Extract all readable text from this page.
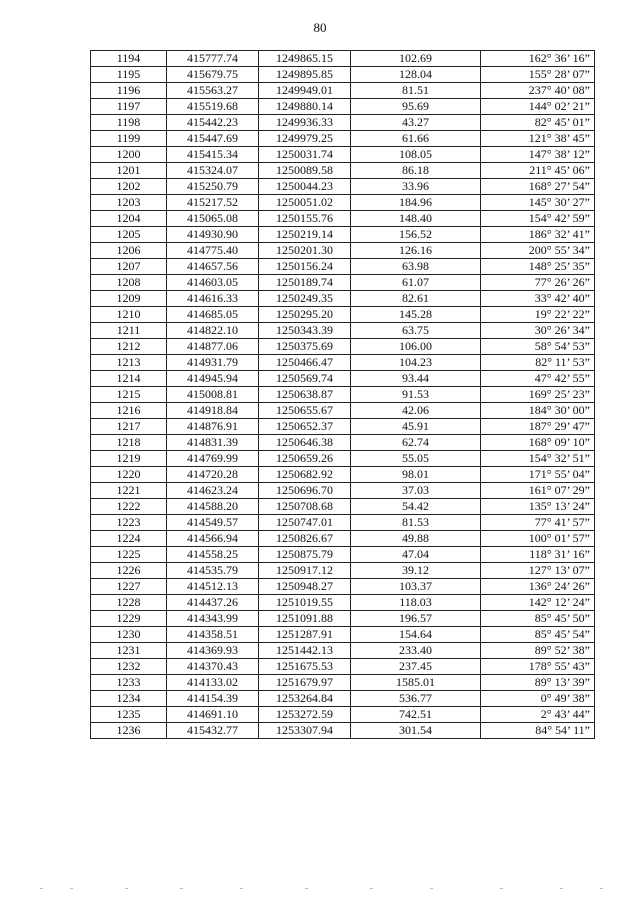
80
1194	415777.74	1249865.15	102.69	162° 36’ 16”
1195	415679.75	1249895.85	128.04	155° 28’ 07”
1196	415563.27	1249949.01	81.51	237° 40’ 08”
1197	415519.68	1249880.14	95.69	144° 02’ 21”
1198	415442.23	1249936.33	43.27	82° 45’ 01”
1199	415447.69	1249979.25	61.66	121° 38’ 45”
1200	415415.34	1250031.74	108.05	147° 38’ 12”
1201	415324.07	1250089.58	86.18	211° 45’ 06”
1202	415250.79	1250044.23	33.96	168° 27’ 54”
1203	415217.52	1250051.02	184.96	145° 30’ 27”
1204	415065.08	1250155.76	148.40	154° 42’ 59”
1205	414930.90	1250219.14	156.52	186° 32’ 41”
1206	414775.40	1250201.30	126.16	200° 55’ 34”
1207	414657.56	1250156.24	63.98	148° 25’ 35”
1208	414603.05	1250189.74	61.07	77° 26’ 26”
1209	414616.33	1250249.35	82.61	33° 42’ 40”
1210	414685.05	1250295.20	145.28	19° 22’ 22”
1211	414822.10	1250343.39	63.75	30° 26’ 34”
1212	414877.06	1250375.69	106.00	58° 54’ 53”
1213	414931.79	1250466.47	104.23	82° 11’ 53”
1214	414945.94	1250569.74	93.44	47° 42’ 55”
1215	415008.81	1250638.87	91.53	169° 25’ 23”
1216	414918.84	1250655.67	42.06	184° 30’ 00”
1217	414876.91	1250652.37	45.91	187° 29’ 47”
1218	414831.39	1250646.38	62.74	168° 09’ 10”
1219	414769.99	1250659.26	55.05	154° 32’ 51”
1220	414720.28	1250682.92	98.01	171° 55’ 04”
1221	414623.24	1250696.70	37.03	161° 07’ 29”
1222	414588.20	1250708.68	54.42	135° 13’ 24”
1223	414549.57	1250747.01	81.53	77° 41’ 57”
1224	414566.94	1250826.67	49.88	100° 01’ 57”
1225	414558.25	1250875.79	47.04	118° 31’ 16”
1226	414535.79	1250917.12	39.12	127° 13’ 07”
1227	414512.13	1250948.27	103.37	136° 24’ 26”
1228	414437.26	1251019.55	118.03	142° 12’ 24”
1229	414343.99	1251091.88	196.57	85° 45’ 50”
1230	414358.51	1251287.91	154.64	85° 45’ 54”
1231	414369.93	1251442.13	233.40	89° 52’ 38”
1232	414370.43	1251675.53	237.45	178° 55’ 43”
1233	414133.02	1251679.97	1585.01	89° 13’ 39”
1234	414154.39	1253264.84	536.77	0° 49’ 38”
1235	414691.10	1253272.59	742.51	2° 43’ 44”
1236	415432.77	1253307.94	301.54	84° 54’ 11”
